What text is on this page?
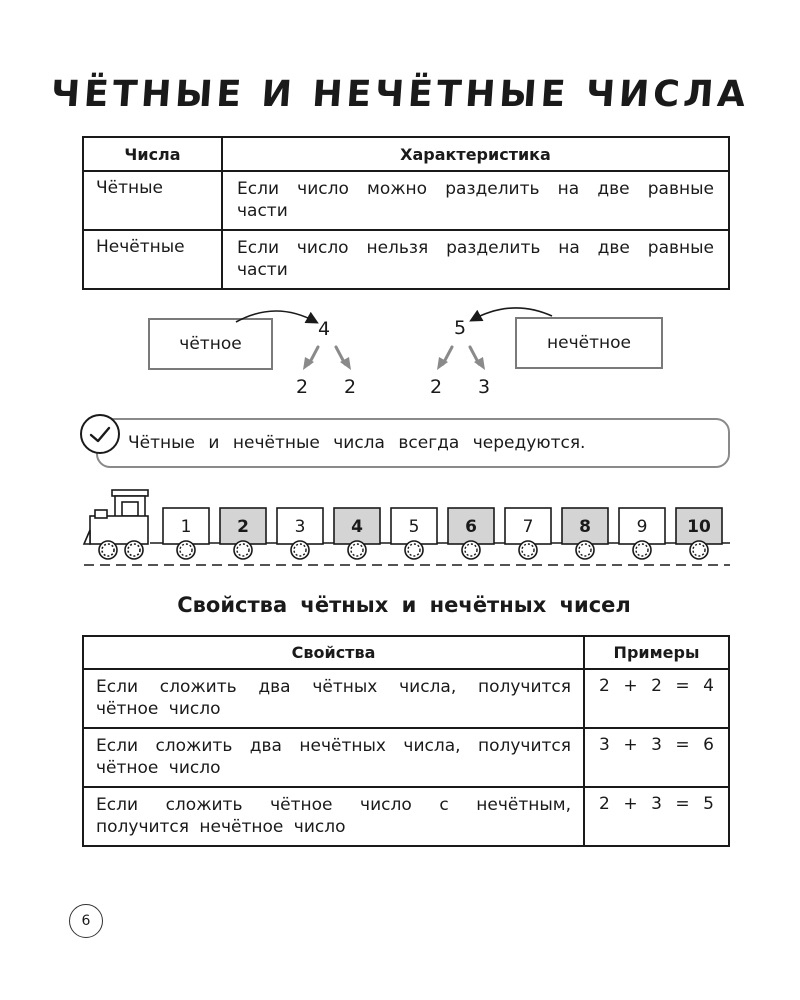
ЧЁТНЫЕ И НЕЧЁТНЫЕ ЧИСЛА
Числа	Характеристика
Чётные	Если число можно разделить на две равные части
Нечётные	Если число нельзя разделить на две равные части
чётное	нечётное
4
2 2
5
2 3
Чётные и нечётные числа всегда чередуются.
1	2	3	4	5	6	7	8	9 10
Свойства чётных и нечётных чисел
Свойства	Примеры
Если сложить два чётных числа, получится чётное число	2 + 2 = 4
Если сложить два нечётных числа, получится чётное число	3 + 3 = 6
Если сложить чётное число с нечётным, получится нечётное число	2 + 3 = 5
6
